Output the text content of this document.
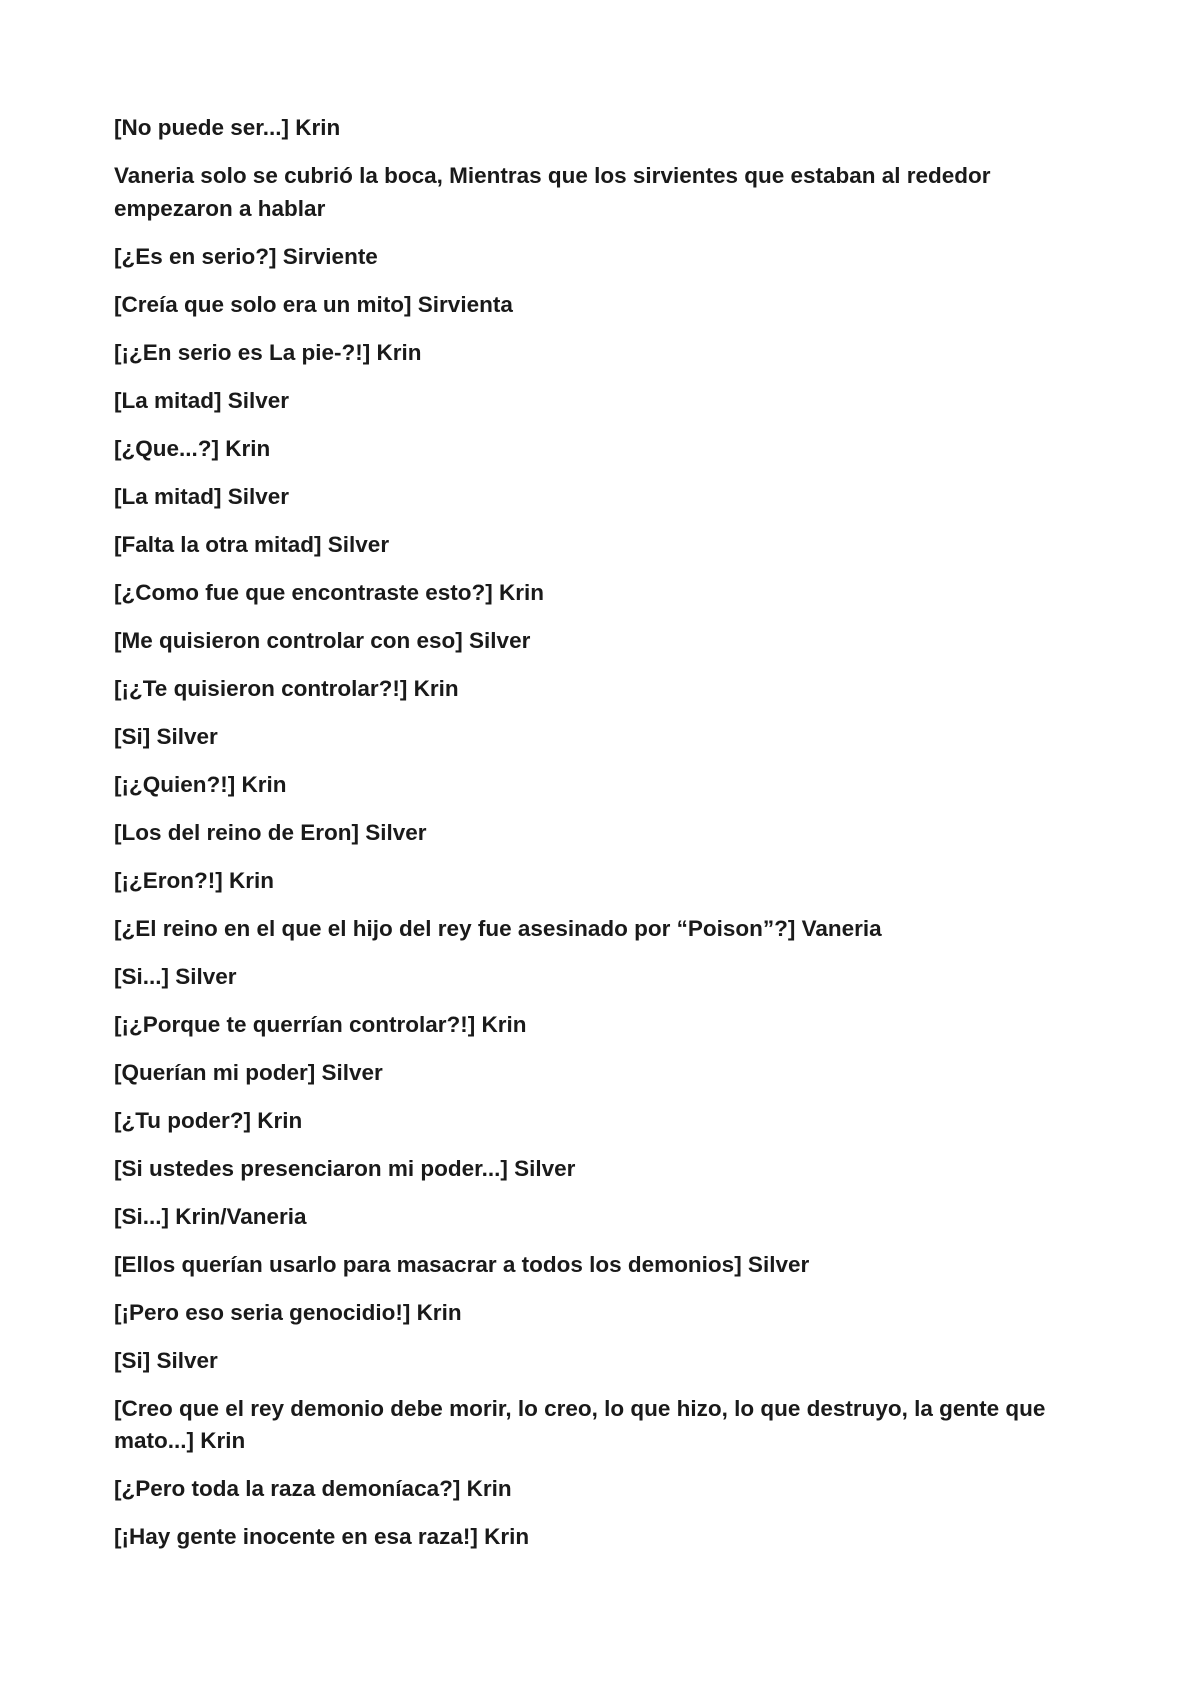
[No puede ser...] Krin

Vaneria solo se cubrió la boca, Mientras que los sirvientes que estaban al rededor empezaron a hablar

[¿Es en serio?] Sirviente

[Creía que solo era un mito] Sirvienta

[¡¿En serio es La pie-?!] Krin

[La mitad] Silver

[¿Que...?] Krin

[La mitad] Silver

[Falta la otra mitad] Silver

[¿Como fue que encontraste esto?] Krin

[Me quisieron controlar con eso] Silver

[¡¿Te quisieron controlar?!] Krin

[Si] Silver

[¡¿Quien?!] Krin

[Los del reino de Eron] Silver

[¡¿Eron?!] Krin

[¿El reino en el que el hijo del rey fue asesinado por “Poison”?] Vaneria

[Si...] Silver

[¡¿Porque te querrían controlar?!] Krin

[Querían mi poder] Silver

[¿Tu poder?] Krin

[Si ustedes presenciaron mi poder...] Silver

[Si...] Krin/Vaneria

[Ellos querían usarlo para masacrar a todos los demonios] Silver

[¡Pero eso seria genocidio!] Krin

[Si] Silver

[Creo que el rey demonio debe morir, lo creo, lo que hizo, lo que destruyo, la gente que mato...] Krin

[¿Pero toda la raza demoníaca?] Krin

[¡Hay gente inocente en esa raza!] Krin
